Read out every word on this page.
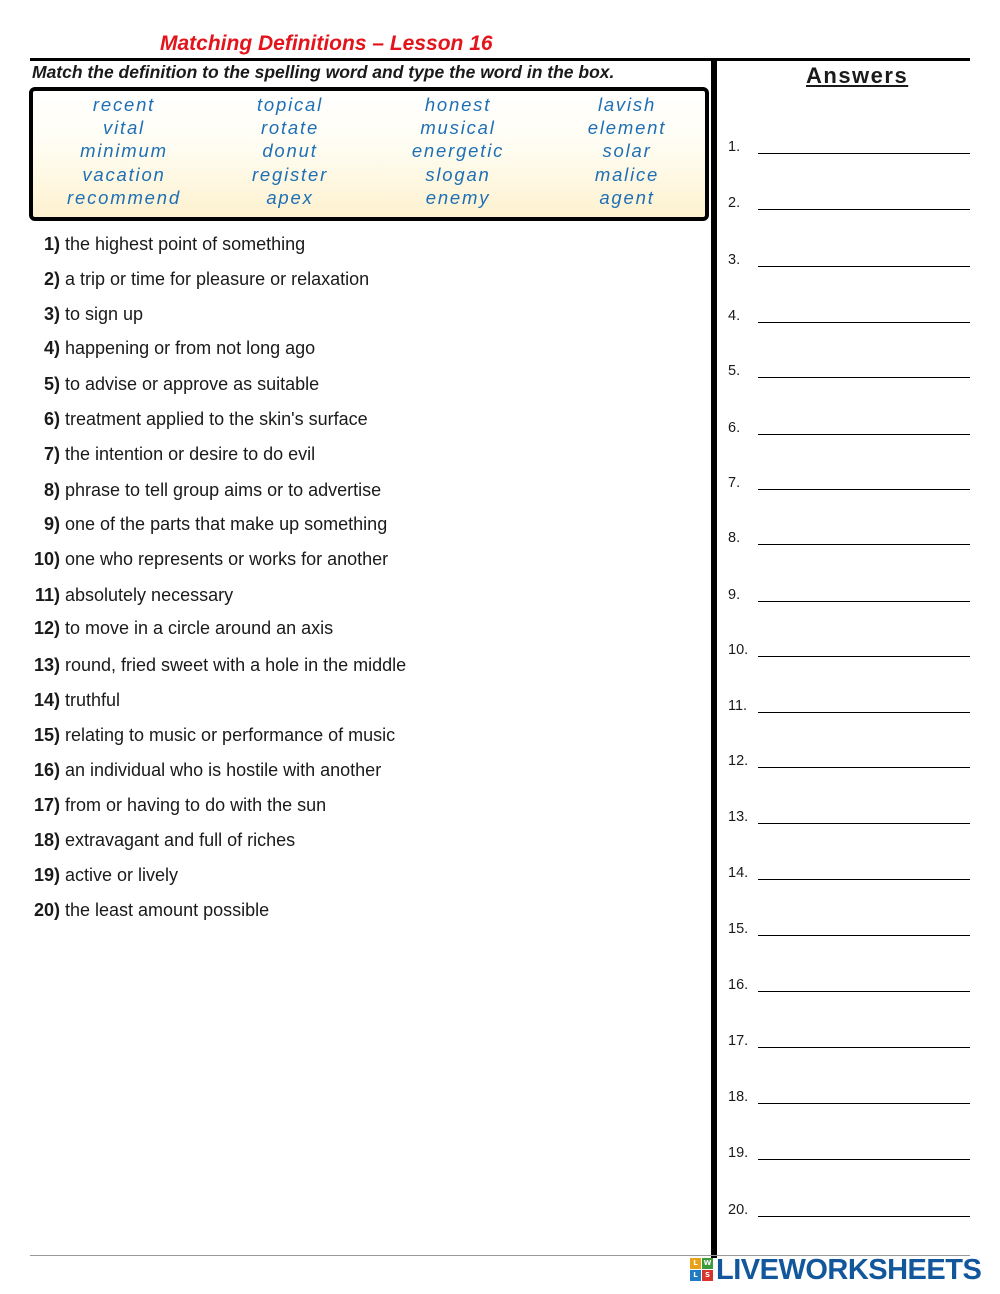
Matching Definitions – Lesson 16
Match the definition to the spelling word and type the word in the box.
recent
vital
minimum
vacation
recommend
topical
rotate
donut
register
apex
honest
musical
energetic
slogan
enemy
lavish
element
solar
malice
agent
1) the highest point of something
2) a trip or time for pleasure or relaxation
3) to sign up
4) happening or from not long ago
5) to advise or approve as suitable
6) treatment applied to the skin's surface
7) the intention or desire to do evil
8) phrase to tell group aims or to advertise
9) one of the parts that make up something
10) one who represents or works for another
11) absolutely necessary
12) to move in a circle around an axis
13) round, fried sweet with a hole in the middle
14) truthful
15) relating to music or performance of music
16) an individual who is hostile with another
17) from or having to do with the sun
18) extravagant and full of riches
19) active or lively
20) the least amount possible
Answers
1.
2.
3.
4.
5.
6.
7.
8.
9.
10.
11.
12.
13.
14.
15.
16.
17.
18.
19.
20.
L W
L	S LIVEWORKSHEETS
